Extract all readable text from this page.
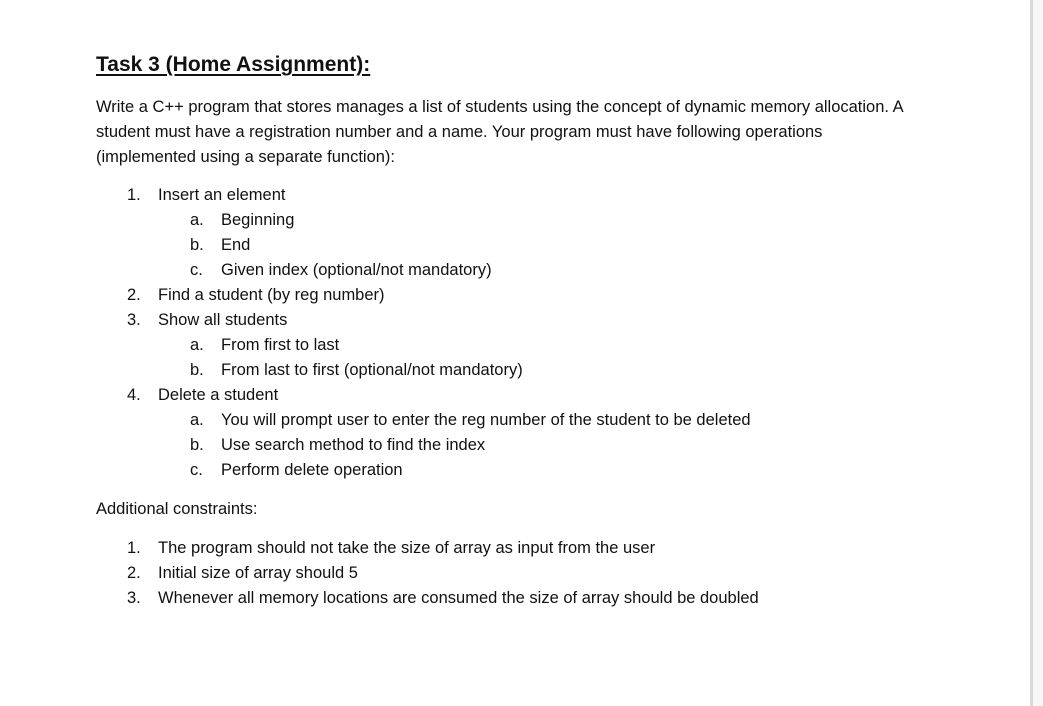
Task 3 (Home Assignment):

Write a C++ program that stores manages a list of students using the concept of dynamic memory allocation. A student must have a registration number and a name. Your program must have following operations (implemented using a separate function):

1.	Insert an element
a.	Beginning
b.	End
c.	Given index (optional/not mandatory)
2.	Find a student (by reg number)
3.	Show all students
a.	From first to last
b.	From last to first (optional/not mandatory)
4.	Delete a student
a.	You will prompt user to enter the reg number of the student to be deleted
b.	Use search method to find the index
c.	Perform delete operation

Additional constraints:

1.	The program should not take the size of array as input from the user
2.	Initial size of array should 5
3.	Whenever all memory locations are consumed the size of array should be doubled
